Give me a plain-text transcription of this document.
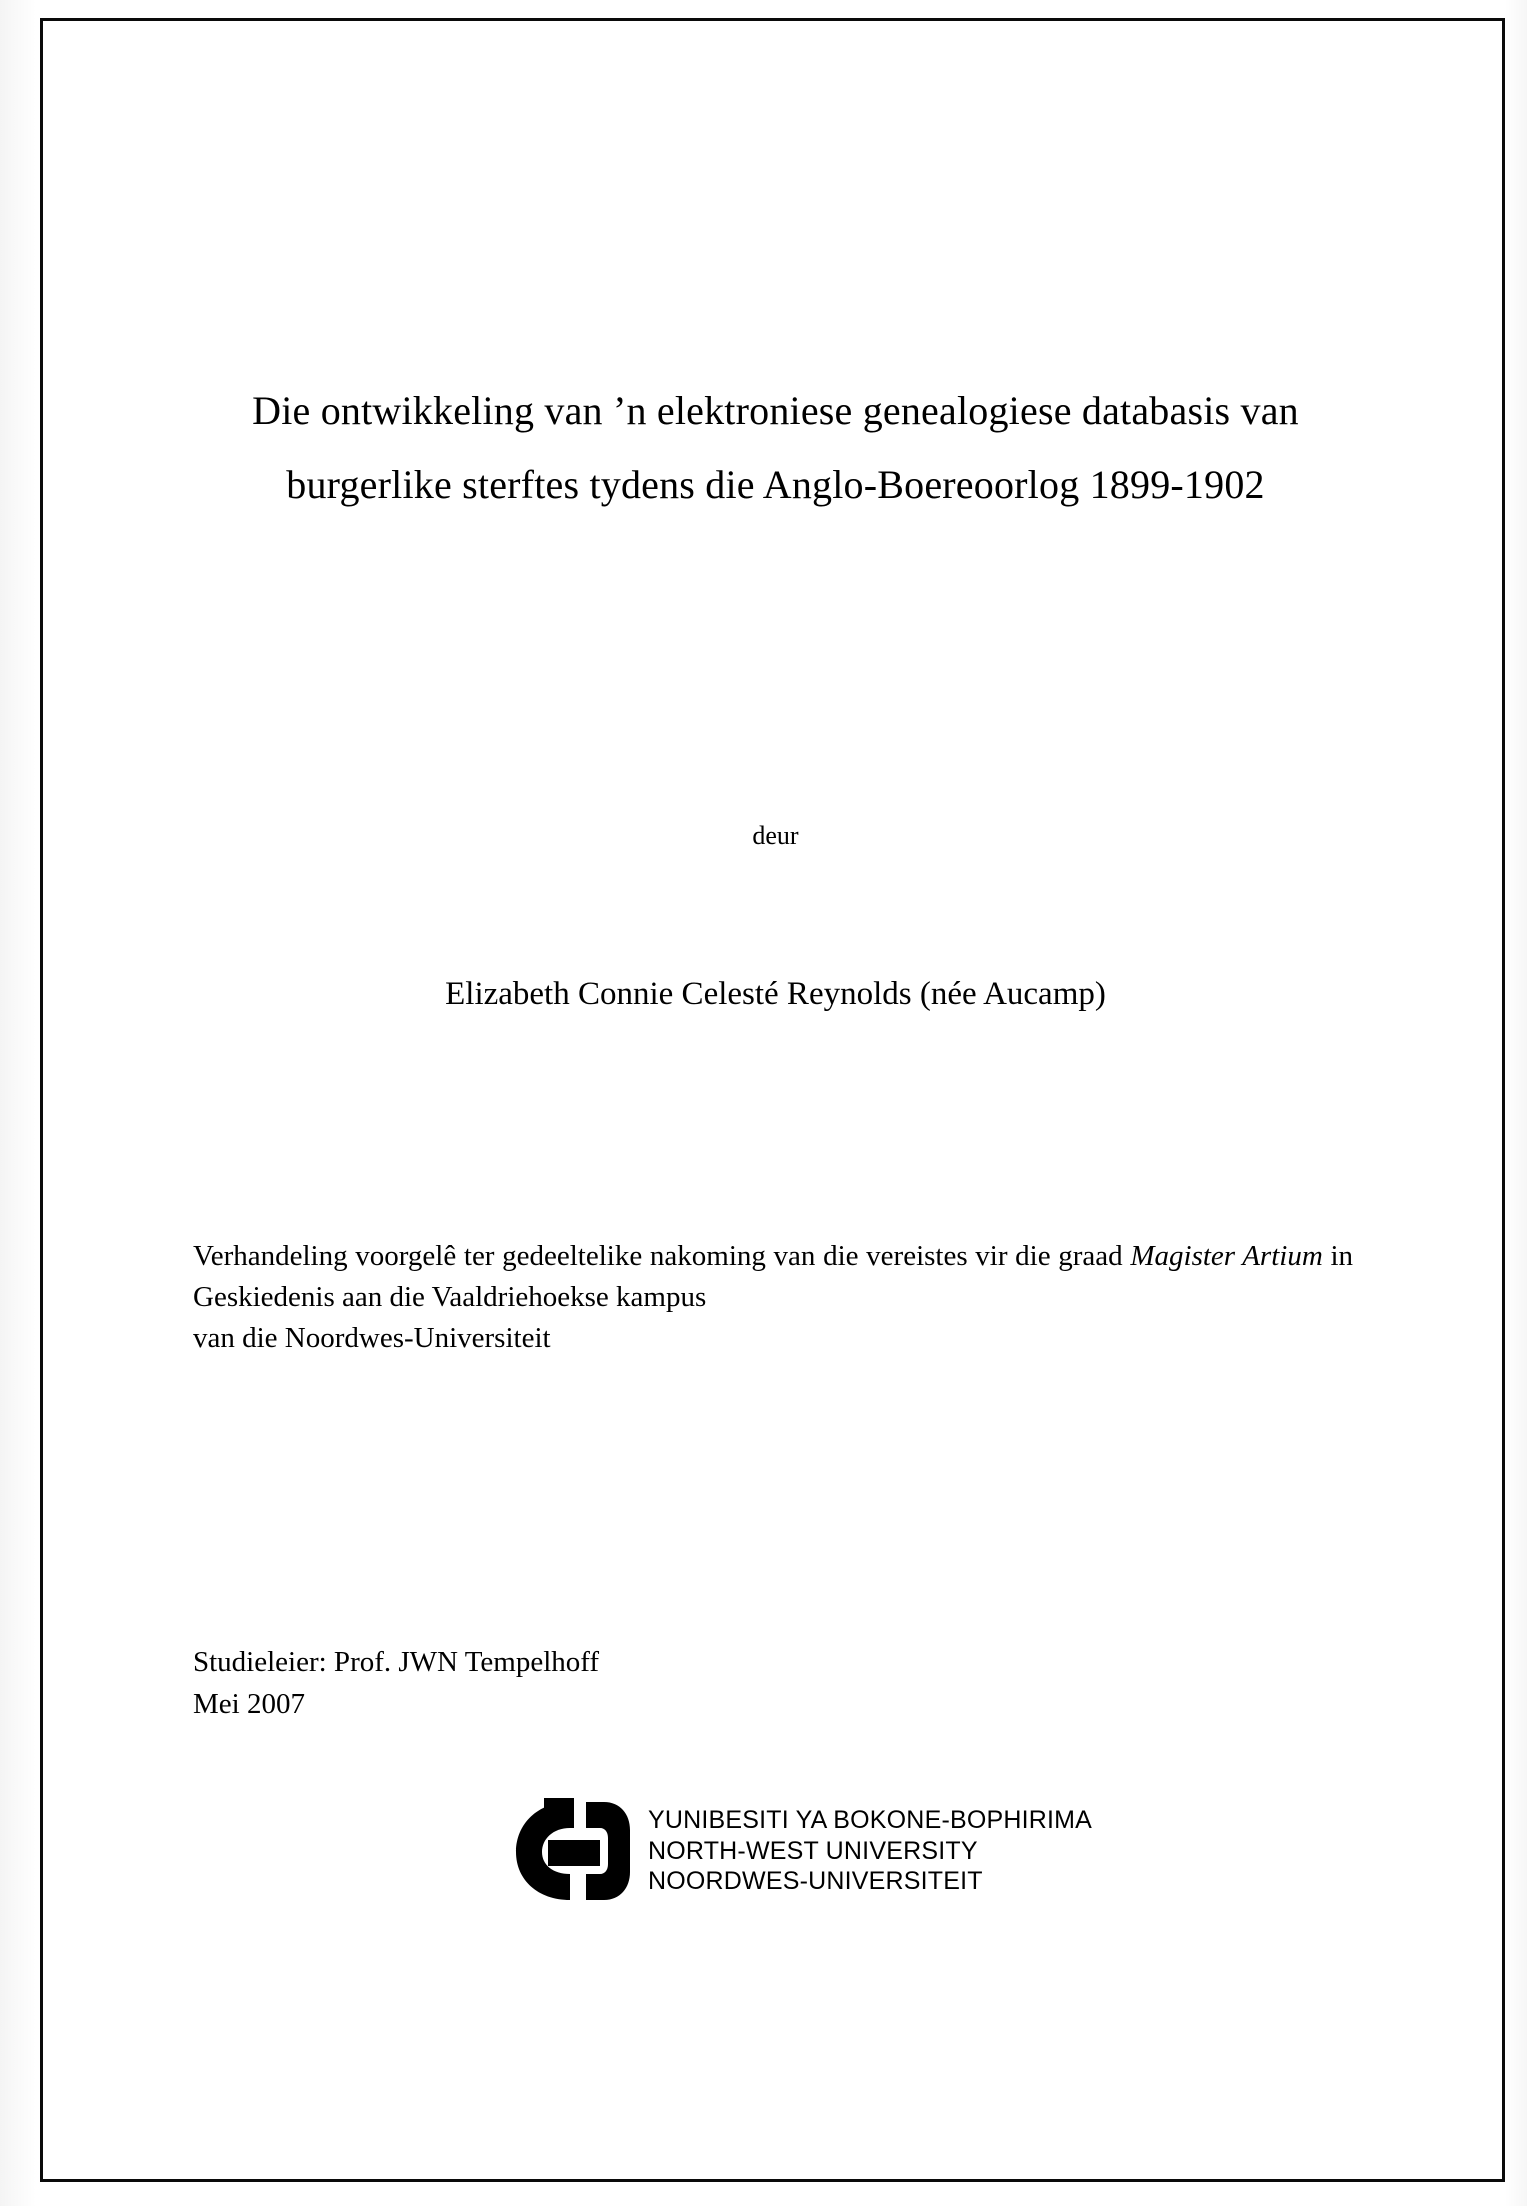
Die ontwikkeling van ’n elektroniese genealogiese databasis van
burgerlike sterftes tydens die Anglo-Boereoorlog 1899-1902
deur
Elizabeth Connie Celesté Reynolds (née Aucamp)
Verhandeling voorgelê ter gedeeltelike nakoming van die vereistes vir die graad Magister Artium in Geskiedenis aan die Vaaldriehoekse kampus
van die Noordwes-Universiteit
Studieleier: Prof. JWN Tempelhoff
Mei 2007
YUNIBESITI YA BOKONE-BOPHIRIMA
NORTH-WEST UNIVERSITY
NOORDWES-UNIVERSITEIT
